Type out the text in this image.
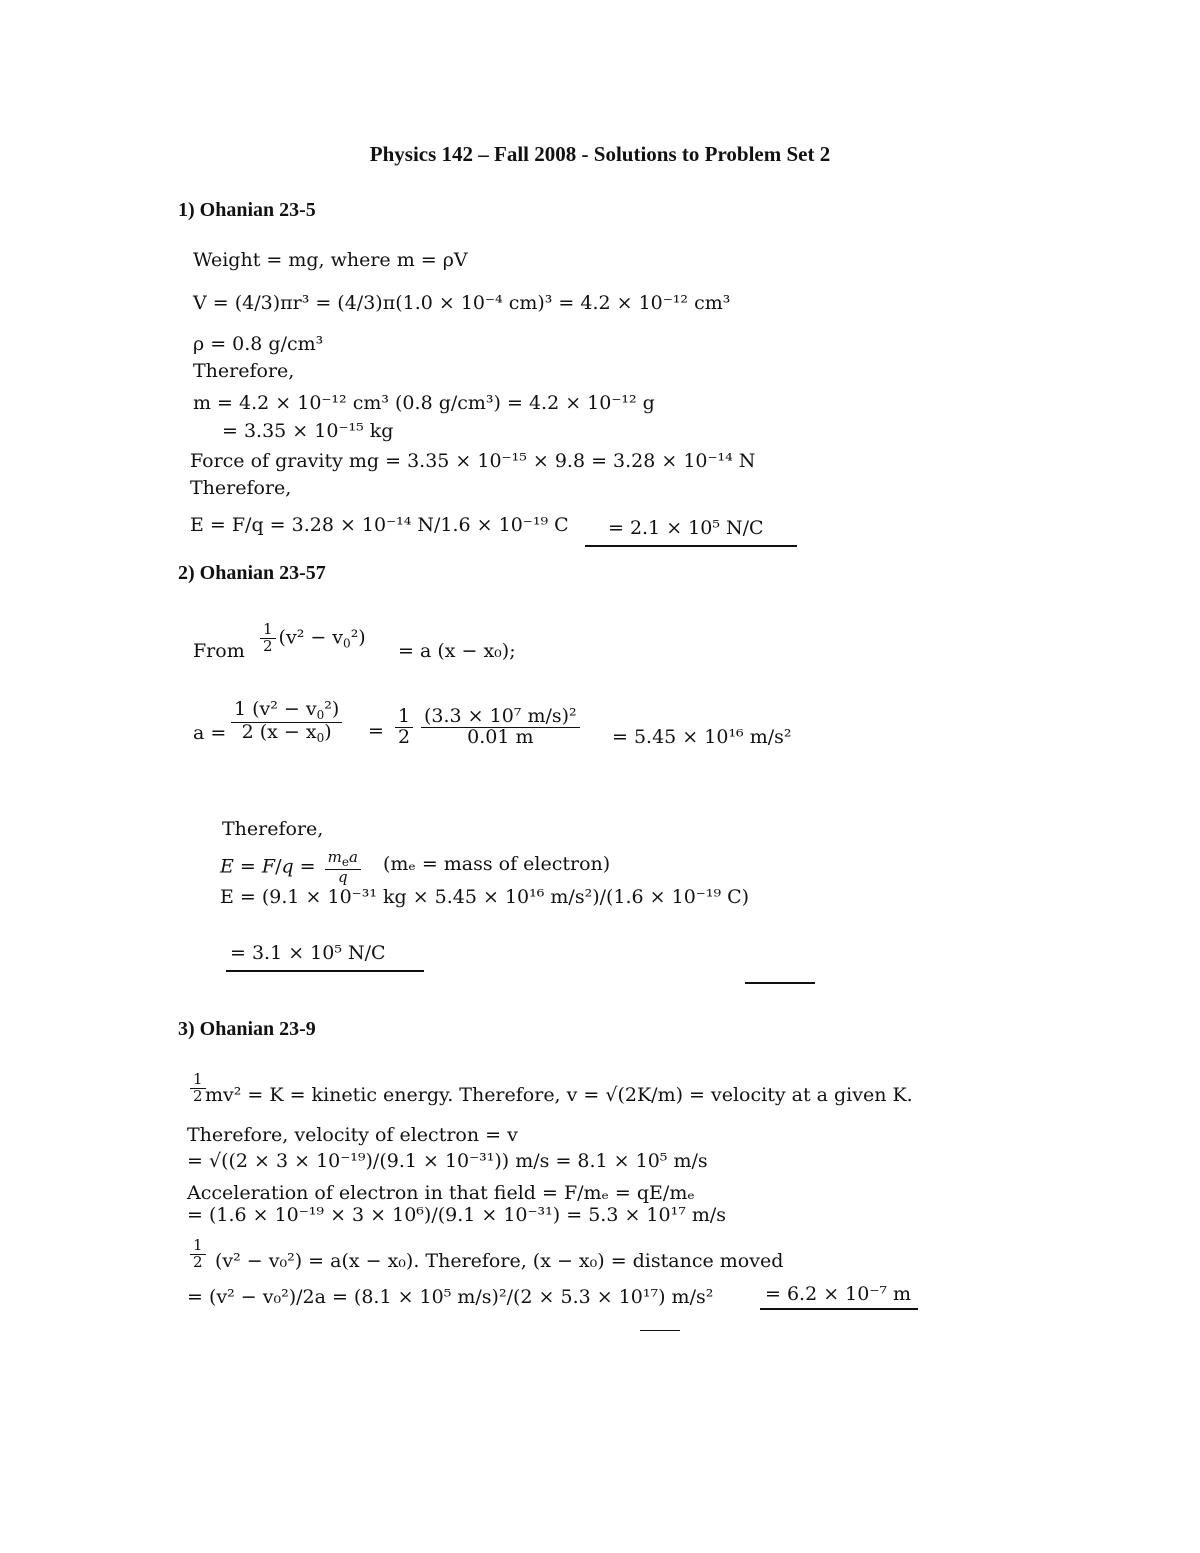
Physics 142 – Fall 2008 - Solutions to Problem Set 2
1) Ohanian 23-5
Weight = mg, where m = ρV
V = (4/3)πr³ = (4/3)π(1.0 × 10⁻⁴ cm)³ = 4.2 × 10⁻¹² cm³
ρ = 0.8 g/cm³
Therefore,
m = 4.2 × 10⁻¹² cm³ (0.8 g/cm³) = 4.2 × 10⁻¹² g
= 3.35 × 10⁻¹⁵ kg
Force of gravity mg = 3.35 × 10⁻¹⁵ × 9.8 = 3.28 × 10⁻¹⁴ N
Therefore,
E = F/q = 3.28 × 10⁻¹⁴ N/1.6 × 10⁻¹⁹ C = 2.1 × 10⁵ N/C
2) Ohanian 23-57
From $\frac{1}{2} (v^2 - v_0^2)$
= a (x − x₀);
$a = \frac{1 (v^2 - v_0^2)}{2 (x - x_0)} = \frac{1}{2} \frac{\text{(3.3 × 10⁷ m/s)²}}{0.01 m} = 5.45 \times 10^{16}$ m/s²
Therefore,
$E = F/q = \frac{m_ea}{q} (m_e$ = mass of electron)
E = (9.1 × 10⁻³¹ kg × 5.45 × 10¹⁶ m/s²)/(1.6 × 10⁻¹⁹ C)
= 3.1 × 10⁵ N/C
3) Ohanian 23-9
$\frac{1}{2} mv^2 = K$ = kinetic energy. Therefore, v = √(2K/m) = velocity at a given K.
Therefore, velocity of electron = v
= √((2 × 3 × 10⁻¹⁹)/(9.1 × 10⁻³¹)) m/s = 8.1 × 10⁵ m/s
Acceleration of electron in that field = F/mₑ = qE/mₑ
= (1.6 × 10⁻¹⁹ × 3 × 10⁶)/(9.1 × 10⁻³¹) = 5.3 × 10¹⁷ m/s
$\frac{1}{2} (v^2 - v_0^2) = a(x - x_0)$. Therefore, (x − x₀) = distance moved
= (v² − v₀²)/2a = (8.1 × 10⁵ m/s)²/(2 × 5.3 × 10¹⁷) m/s²	= 6.2 × 10⁻⁷ m
